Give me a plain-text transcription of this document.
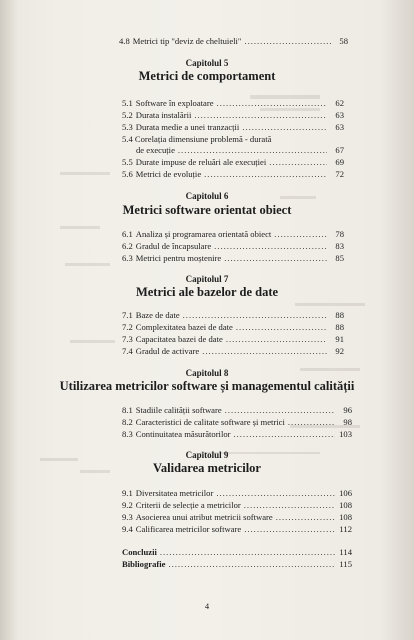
4.8 Metrici tip "deviz de cheltuieli" .....	58
Capitolul 5
Metrici de comportament
5.1 Software în exploatare .....	62
5.2 Durata instalării .....	63
5.3 Durata medie a unei tranzacții .....	63
5.4 Corelația dimensiune problemă - durată
de execuție .....	67
5.5 Durate impuse de reluări ale execuției .....	69
5.6 Metrici de evoluție .....	72
Capitolul 6
Metrici software orientat obiect
6.1 Analiza și programarea orientată obiect .....	78
6.2 Gradul de încapsulare .....	83
6.3 Metrici pentru moștenire .....	85
Capitolul 7
Metrici ale bazelor de date
7.1 Baze de date .....	88
7.2 Complexitatea bazei de date .....	88
7.3 Capacitatea bazei de date .....	91
7.4 Gradul de activare .....	92
Capitolul 8
Utilizarea metricilor software și managementul calității
8.1 Stadiile calității software .....	96
8.2 Caracteristici de calitate software și metrici .....	98
8.3 Continuitatea măsurătorilor .....	103
Capitolul 9
Validarea metricilor
9.1 Diversitatea metricilor .....	106
9.2 Criterii de selecție a metricilor .....	108
9.3 Asocierea unui atribut metricii software .....	108
9.4 Calificarea metricilor software .....	112
Concluzii .....	114
Bibliografie .....	115
4
